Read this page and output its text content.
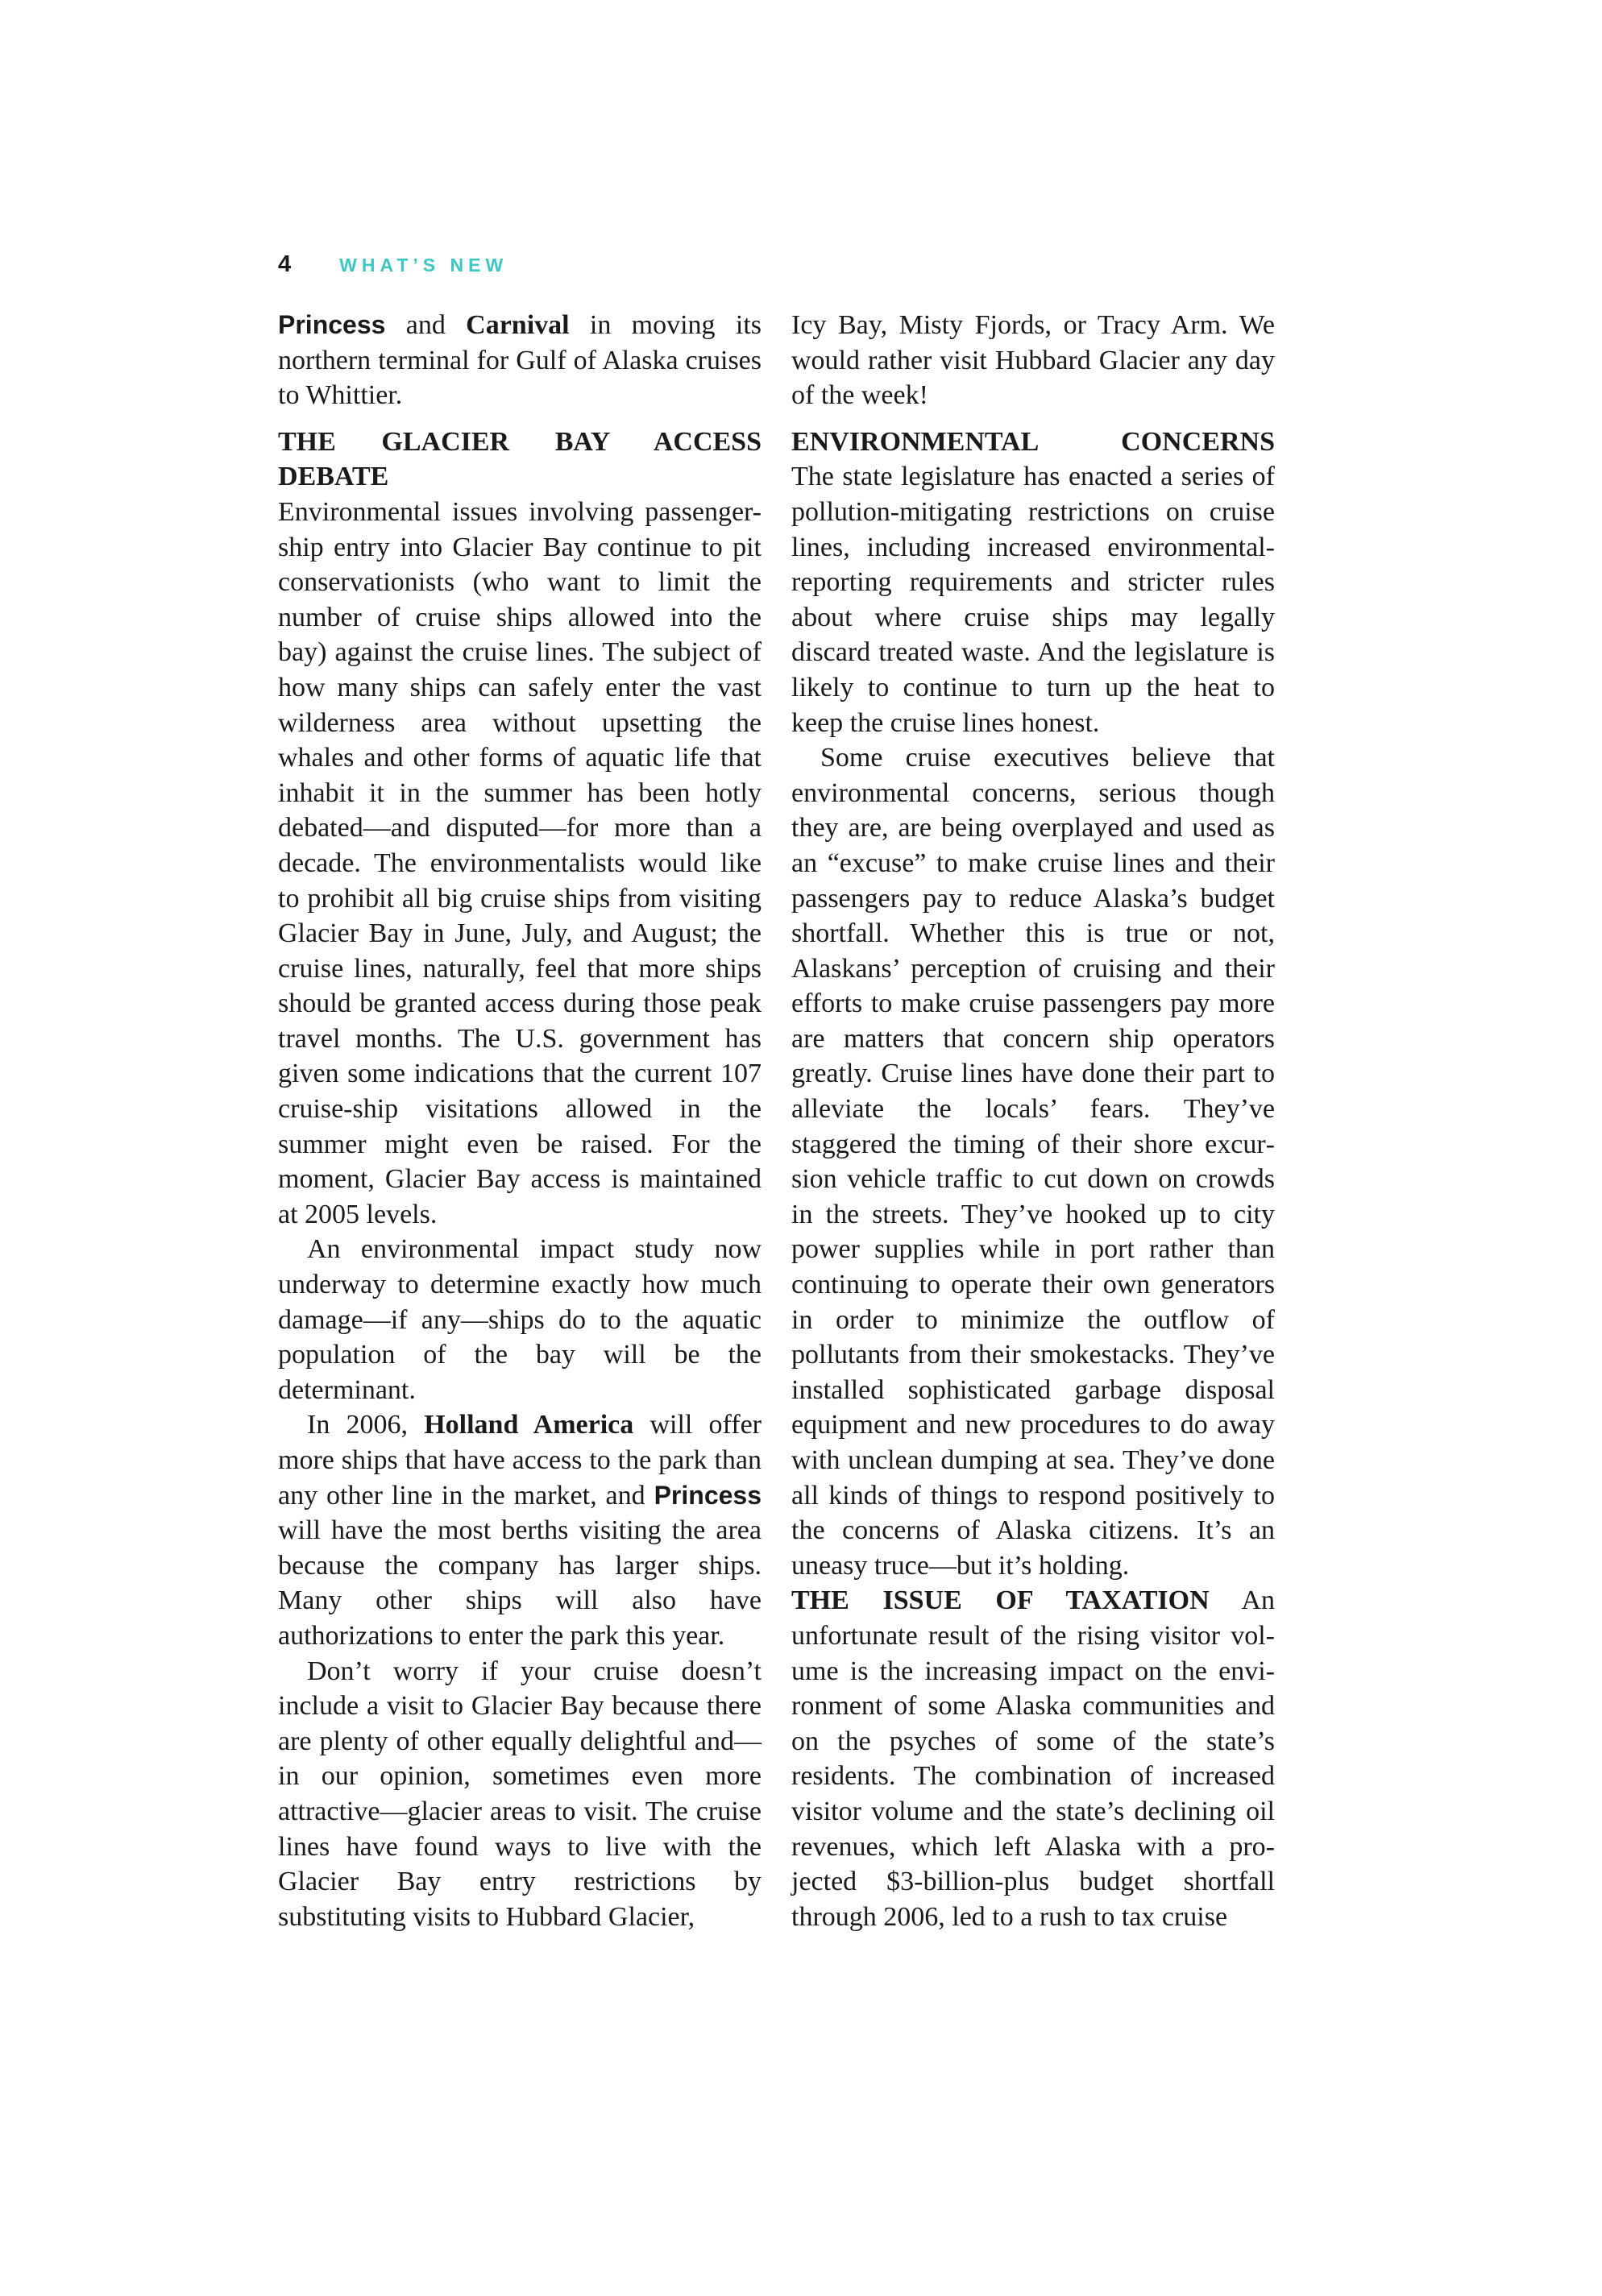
4	WHAT’S NEW

Princess and Carnival in moving its northern terminal for Gulf of Alaska cruises to Whittier.

THE GLACIER BAY ACCESS DEBATE

Environmental issues involving passenger-ship entry into Glacier Bay continue to pit conservationists (who want to limit the number of cruise ships allowed into the bay) against the cruise lines. The subject of how many ships can safely enter the vast wilderness area without upsetting the whales and other forms of aquatic life that inhabit it in the summer has been hotly debated—and disputed—for more than a decade. The environmentalists would like to prohibit all big cruise ships from visiting Glacier Bay in June, July, and August; the cruise lines, naturally, feel that more ships should be granted access during those peak travel months. The U.S. government has given some indications that the current 107 cruise-ship visitations allowed in the summer might even be raised. For the moment, Glacier Bay access is maintained at 2005 levels.

An environmental impact study now underway to determine exactly how much damage—if any—ships do to the aquatic population of the bay will be the determinant.

In 2006, Holland America will offer more ships that have access to the park than any other line in the market, and Princess will have the most berths visiting the area because the company has larger ships. Many other ships will also have authorizations to enter the park this year.

Don’t worry if your cruise doesn’t include a visit to Glacier Bay because there are plenty of other equally delightful and—in our opinion, sometimes even more attractive—glacier areas to visit. The cruise lines have found ways to live with the Glacier Bay entry restrictions by substituting visits to Hubbard Glacier,

Icy Bay, Misty Fjords, or Tracy Arm. We would rather visit Hubbard Glacier any day of the week!

ENVIRONMENTAL CONCERNS

The state legislature has enacted a series of pollution-mitigating restrictions on cruise lines, including increased environmental-reporting requirements and stricter rules about where cruise ships may legally discard treated waste. And the legislature is likely to continue to turn up the heat to keep the cruise lines honest.

Some cruise executives believe that environmental concerns, serious though they are, are being overplayed and used as an “excuse” to make cruise lines and their passengers pay to reduce Alaska’s budget shortfall. Whether this is true or not, Alaskans’ perception of cruising and their efforts to make cruise passengers pay more are matters that concern ship operators greatly. Cruise lines have done their part to alleviate the locals’ fears. They’ve staggered the timing of their shore excursion vehicle traffic to cut down on crowds in the streets. They’ve hooked up to city power supplies while in port rather than continuing to operate their own generators in order to minimize the outflow of pollutants from their smokestacks. They’ve installed sophisticated garbage disposal equipment and new procedures to do away with unclean dumping at sea. They’ve done all kinds of things to respond positively to the concerns of Alaska citizens. It’s an uneasy truce—but it’s holding.

THE ISSUE OF TAXATION An unfortunate result of the rising visitor volume is the increasing impact on the environment of some Alaska communities and on the psyches of some of the state’s residents. The combination of increased visitor volume and the state’s declining oil revenues, which left Alaska with a projected $3-billion-plus budget shortfall through 2006, led to a rush to tax cruise
